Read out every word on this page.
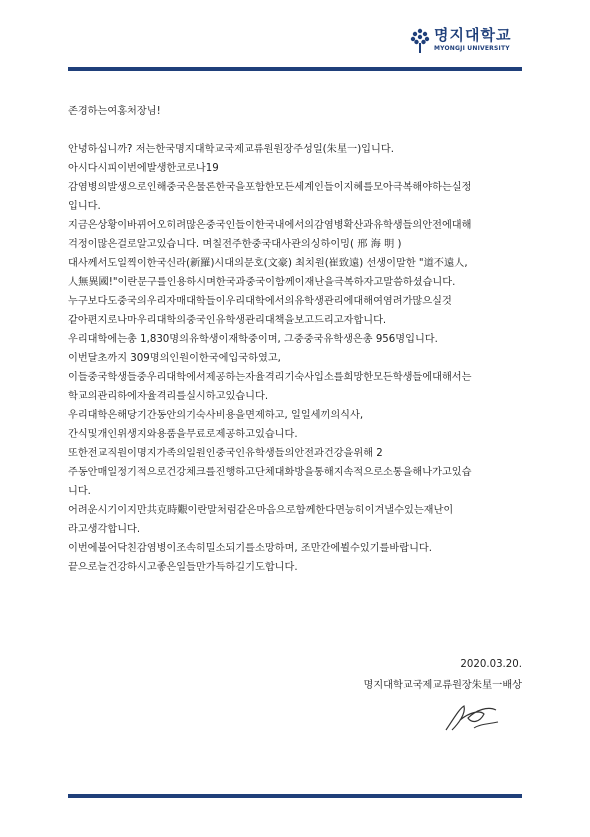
명지대학교
MYONGJI UNIVERSITY

존경하는여홍처장님!

안녕하십니까? 저는한국명지대학교국제교류원원장주성일(朱星一)입니다.

아시다시피이번에발생한코로나19

감염병의발생으로인해중국은물론한국을포함한모든세계인들이지혜를모아극복해야하는실정

입니다.

지금은상황이바뀌어오히려많은중국인들이한국내에서의감염병확산과유학생들의안전에대해

걱정이많은걸로알고있습니다. 며칠전주한중국대사관의싱하이밍( 邢 海 明 )

대사께서도일찍이한국신라(新羅)시대의문호(文豪) 최치원(崔致遠) 선생이말한 "道不遠人,

人無異國!"이란문구를인용하시며한국과중국이함께이재난을극복하자고말씀하셨습니다.

누구보다도중국의우리자매대학들이우리대학에서의유학생관리에대해여염려가많으실것

같아편지로나마우리대학의중국인유학생관리대책을보고드리고자합니다.

우리대학에는총 1,830명의유학생이재학중이며, 그중중국유학생은총 956명입니다.

이번달초까지 309명의인원이한국에입국하였고,

이들중국학생들중우리대학에서제공하는자율격리기숙사입소를희망한모든학생들에대해서는

학교의관리하에자율격리를실시하고있습니다.

우리대학은해당기간동안의기숙사비용을면제하고, 일일세끼의식사,

간식및개인위생지와용품을무료로제공하고있습니다.

또한전교직원이명지가족의일원인중국인유학생들의안전과건강을위해 2

주동안매일정기적으로건강체크를진행하고단체대화방을통해지속적으로소통을해나가고있습

니다.

어려운시기이지만共克時艱이란말처럼같은마음으로함께한다면능히이겨낼수있는재난이

라고생각합니다.

이번에불어닥친감염병이조속히밀소되기를소망하며, 조만간에뵐수있기를바랍니다.

끝으로늘건강하시고좋은일들만가득하길기도합니다.

2020.03.20.

명지대학교국제교류원장朱星一배상
